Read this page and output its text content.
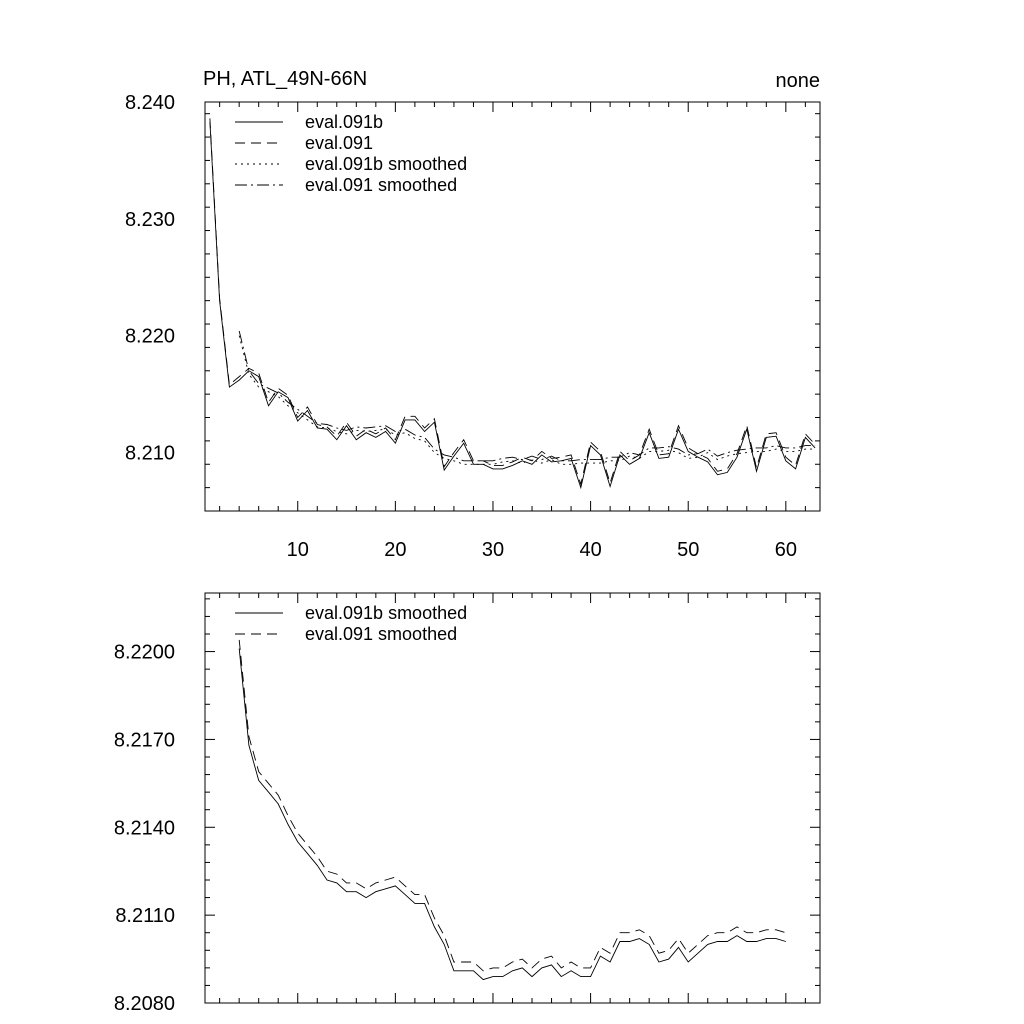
PH, ATL_49N-66N	none
10	20	30	40	50	60
8.210
8.220
8.230
8.240
eval.091b
eval.091
eval.091b smoothed
eval.091 smoothed
8.2080
8.2110
8.2140
8.2170
8.2200
eval.091b smoothed
eval.091 smoothed
